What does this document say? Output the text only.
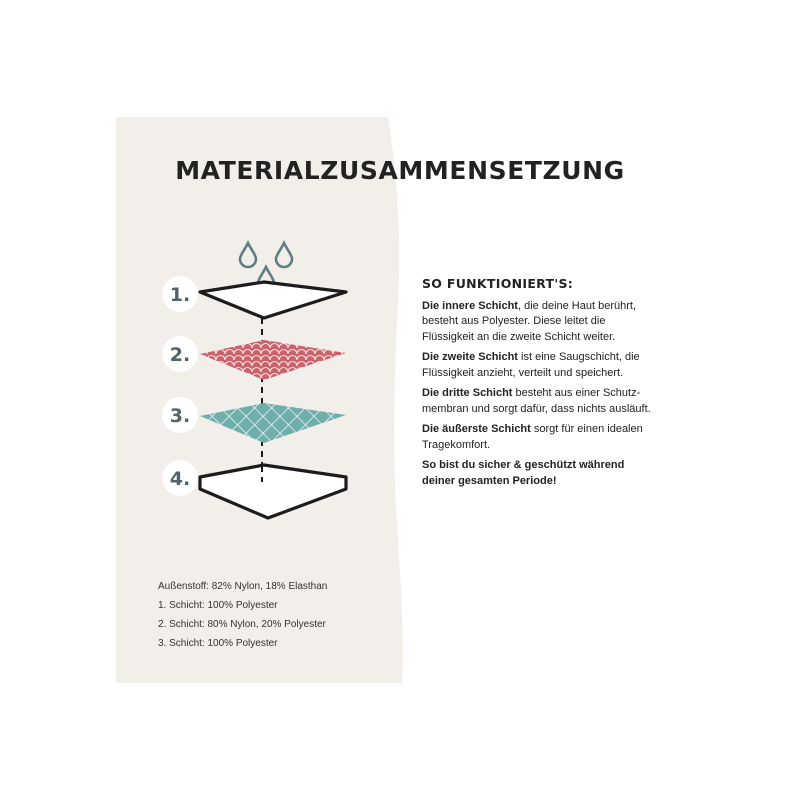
MATERIALZUSAMMENSETZUNG
1.
2.
3.
4.
Außenstoff: 82% Nylon, 18% Elasthan
1. Schicht: 100% Polyester
2. Schicht: 80% Nylon, 20% Polyester
3. Schicht: 100% Polyester
SO FUNKTIONIERT'S:

Die innere Schicht, die deine Haut berührt, besteht aus Polyester. Diese leitet die Flüssigkeit an die zweite Schicht weiter.

Die zweite Schicht ist eine Saugschicht, die Flüssigkeit anzieht, verteilt und speichert.

Die dritte Schicht besteht aus einer Schutz-membran und sorgt dafür, dass nichts ausläuft.

Die äußerste Schicht sorgt für einen idealen Tragekomfort.

So bist du sicher & geschützt während deiner gesamten Periode!
